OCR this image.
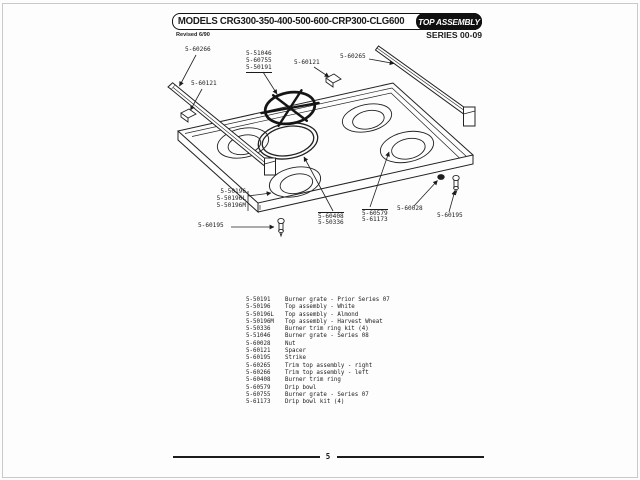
MODELS CRG300-350-400-500-600-CRP300-CLG600 TOP ASSEMBLY
Revised 6/90	SERIES 00-09
5-60266
5-60121
5-51046
5-60755
5-50191
5-60121
5-60265
5-50196
5-50196L
5-50196M
5-60195
5-60408
5-50336
5-60579
5-61173
5-60028
5-60195
5-50191	Burner grate - Prior Series 07
5-50196	Top assembly - White
5-50196L	Top assembly - Almond
5-50196M	Top assembly - Harvest Wheat
5-50336	Burner trim ring kit (4)
5-51046	Burner grate - Series 08
5-60028	Nut
5-60121	Spacer
5-60195	Strike
5-60265	Trim top assembly - right
5-60266	Trim top assembly - left
5-60408	Burner trim ring
5-60579	Drip bowl
5-60755	Burner grate - Series 07
5-61173	Drip bowl kit (4)
5
